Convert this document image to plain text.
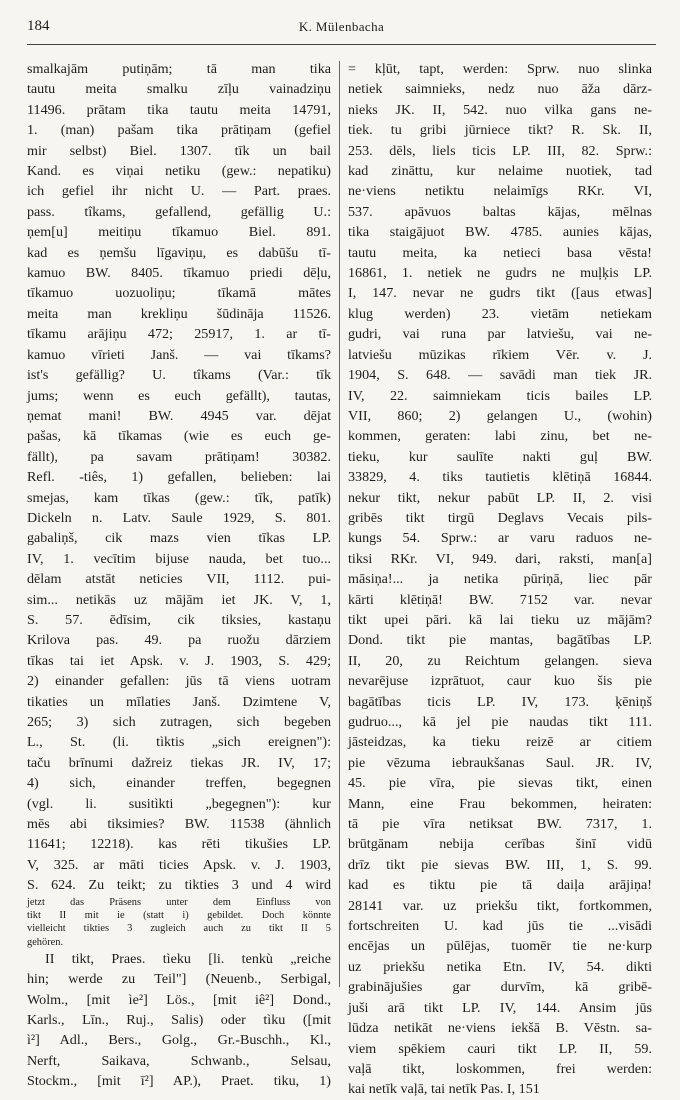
184	K. Mülenbacha
smalkajām putiņām; tā man tika
tautu meita smalku zīļu vainadziņu
11496. prātam tika tautu meita 14791,
1. (man) pašam tika prātiņam (gefiel
mir selbst) Biel. 1307. tīk un bail
Kand. es viņai netiku (gew.: nepatiku)
ich gefiel ihr nicht U. — Part. praes.
pass. tîkams, gefallend, gefällig U.:
ņem[u] meitiņu tīkamuo Biel. 891.
kad es ņemšu līgaviņu, es dabūšu tī-
kamuo BW. 8405. tīkamuo priedi dēļu,
tīkamuo uozuoliņu; tīkamā mātes
meita man krekliņu šūdināja 11526.
tīkamu arājiņu 472; 25917, 1. ar tī-
kamuo vīrieti Janš. — vai tīkams?
ist's gefällig? U. tîkams (Var.: tīk
jums; wenn es euch gefällt), tautas,
ņemat mani! BW. 4945 var. dējat
pašas, kā tīkamas (wie es euch ge-
fällt), pa savam prātiņam! 30382.
Refl. -tiês, 1) gefallen, belieben: lai
smejas, kam tīkas (gew.: tīk, patīk)
Dickeln n. Latv. Saule 1929, S. 801.
gabaliņš, cik mazs vien tīkas LP.
IV, 1. vecītim bijuse nauda, bet tuo...
dēlam atstāt neticies VII, 1112. pui-
sim... netikās uz mājām iet JK. V, 1,
S. 57. ēdīsim, cik tiksies, kastaņu
Krilova pas. 49. pa ruožu dārziem
tīkas tai iet Apsk. v. J. 1903, S. 429;
2) einander gefallen: jūs tā viens uotram
tikaties un mīlaties Janš. Dzimtene V,
265; 3) sich zutragen, sich begeben
L., St. (li. tìktis „sich ereignen"):
taču brīnumi dažreiz tiekas JR. IV, 17;
4) sich, einander treffen, begegnen
(vgl. li. susitìkti „begegnen"): kur
mēs abi tiksimies? BW. 11538 (ähnlich
11641; 12218). kas rēti tikušies LP.
V, 325. ar māti ticies Apsk. v. J. 1903,
S. 624. Zu teikt; zu tikties 3 und 4 wird
jetzt das Präsens unter dem Einfluss von
tikt II mit ie (statt i) gebildet. Doch könnte
vielleicht tikties 3 zugleich auch zu tikt II 5
gehören.
II tikt, Praes. tìeku [li. tenkù „reiche
hin; werde zu Teil"] (Neuenb., Serbigal,
Wolm., [mit ìe²] Lös., [mit iê²] Dond.,
Karls., Līn., Ruj., Salis) oder tìku ([mit
ì²] Adl., Bers., Golg., Gr.-Buschh., Kl.,
Nerft, Saikava, Schwanb., Selsau,
Stockm., [mit ī²] AP.), Praet. tiku, 1)
= kļūt, tapt, werden: Sprw. nuo slinka
netiek saimnieks, nedz nuo āža dārz-
nieks JK. II, 542. nuo vilka gans ne-
tiek. tu gribi jūrniece tikt? R. Sk. II,
253. dēls, liels ticis LP. III, 82. Sprw.:
kad zināttu, kur nelaime nuotiek, tad
ne·viens netiktu nelaimīgs RKr. VI,
537. apāvuos baltas kājas, mēlnas
tika staigājuot BW. 4785. aunies kājas,
tautu meita, ka netieci basa vēsta!
16861, 1. netiek ne gudrs ne muļķis LP.
I, 147. nevar ne gudrs tikt ([aus etwas]
klug werden) 23. vietām netiekam
gudri, vai runa par latviešu, vai ne-
latviešu mūzikas rīkiem Vēr. v. J.
1904, S. 648. — savādi man tiek JR.
IV, 22. saimniekam ticis bailes LP.
VII, 860; 2) gelangen U., (wohin)
kommen, geraten: labi zinu, bet ne-
tieku, kur saulīte nakti guļ BW.
33829, 4. tiks tautietis klētiņā 16844.
nekur tikt, nekur pabūt LP. II, 2. visi
gribēs tikt tirgū Deglavs Vecais pils-
kungs 54. Sprw.: ar varu raduos ne-
tiksi RKr. VI, 949. dari, raksti, man[a]
māsiņa!... ja netika pūriņā, liec pār
kārti klētiņā! BW. 7152 var. nevar
tikt upei pāri. kā lai tieku uz mājām?
Dond. tikt pie mantas, bagātības LP.
II, 20, zu Reichtum gelangen. sieva
nevarējuse izprātuot, caur kuo šis pie
bagātības ticis LP. IV, 173. ķēniņš
gudruo..., kā jel pie naudas tikt 111.
jāsteidzas, ka tieku reizē ar citiem
pie vēzuma iebraukšanas Saul. JR. IV,
45. pie vīra, pie sievas tikt, einen
Mann, eine Frau bekommen, heiraten:
tā pie vīra netiksat BW. 7317, 1.
brūtgānam nebija cerības šinī vidū
drīz tikt pie sievas BW. III, 1, S. 99.
kad es tiktu pie tā daiļa arājiņa!
28141 var. uz priekšu tikt, fortkommen,
fortschreiten U. kad jūs tie ...visādi
encējas un pūlējas, tuomēr tie ne·kurp
uz priekšu netika Etn. IV, 54. dikti
grabinājušies gar durvīm, kā gribē-
juši arā tikt LP. IV, 144. Ansim jūs
lūdza netikāt ne·viens iekšā B. Vēstn. sa-
viem spēkiem cauri tikt LP. II, 59.
vaļā tikt, loskommen, frei werden:
kai netīk vaļā, tai netīk Pas. I, 151
